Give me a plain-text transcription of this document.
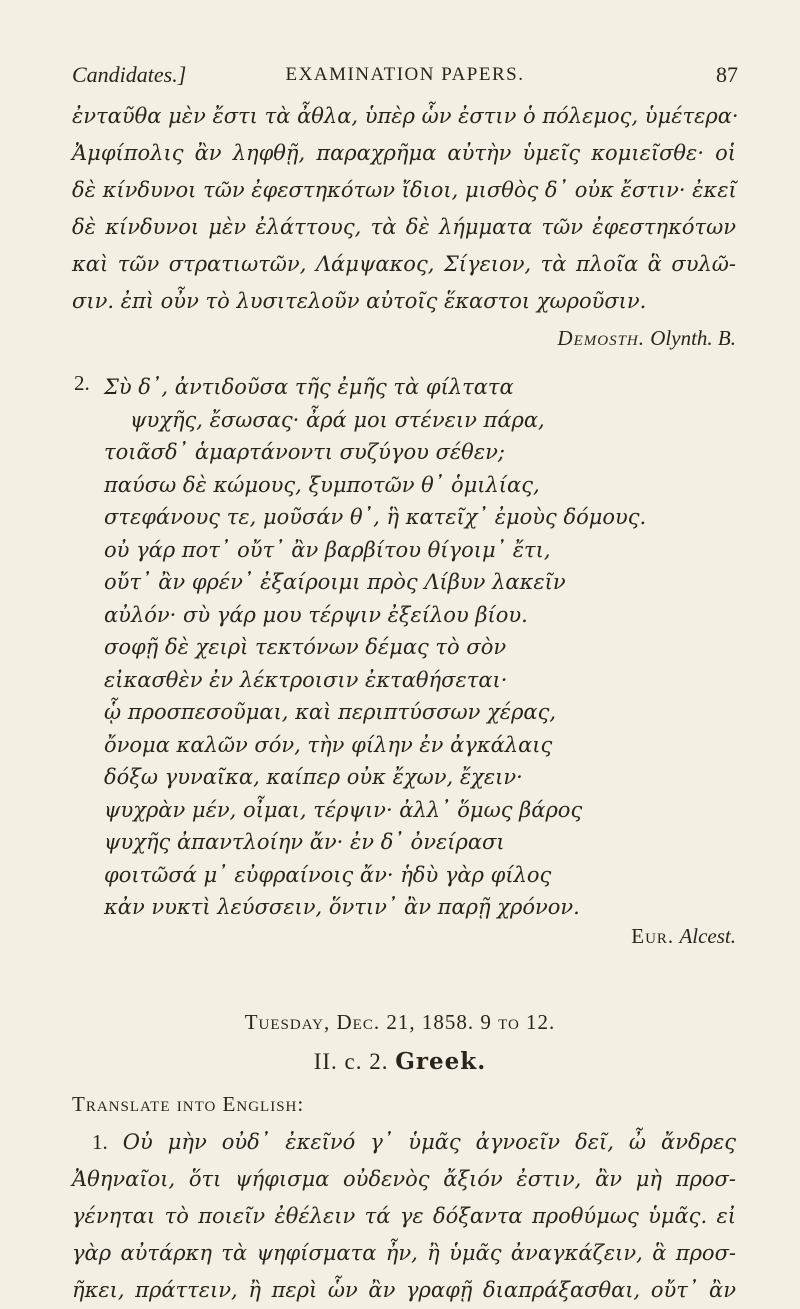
Candidates.]	EXAMINATION PAPERS.	87
ἐνταῦθα μὲν ἔστι τὰ ἆθλα, ὑπὲρ ὧν ἐστιν ὁ πόλεμος, ὑμέτερα·
Ἀμφίπολις ἂν ληφθῇ, παραχρῆμα αὐτὴν ὑμεῖς κομιεῖσθε· οἱ
δὲ κίνδυνοι τῶν ἐφεστηκότων ἴδιοι, μισθὸς δ᾽ οὐκ ἔστιν· ἐκεῖ
δὲ κίνδυνοι μὲν ἐλάττους, τὰ δὲ λήμματα τῶν ἐφεστηκότων
καὶ τῶν στρατιωτῶν, Λάμψακος, Σίγειον, τὰ πλοῖα ἃ συλῶ-
σιν. ἐπὶ οὖν τὸ λυσιτελοῦν αὐτοῖς ἕκαστοι χωροῦσιν.
Demosth. Olynth. B.
2. Σὺ δ᾽, ἀντιδοῦσα τῆς ἐμῆς τὰ φίλτατα
ψυχῆς, ἔσωσας· ἆρά μοι στένειν πάρα,
τοιᾶσδ᾽ ἁμαρτάνοντι συζύγου σέθεν;
παύσω δὲ κώμους, ξυμποτῶν θ᾽ ὁμιλίας,
στεφάνους τε, μοῦσάν θ᾽, ἣ κατεῖχ᾽ ἐμοὺς δόμους.
οὐ γάρ ποτ᾽ οὔτ᾽ ἂν βαρβίτου θίγοιμ᾽ ἔτι,
οὔτ᾽ ἂν φρέν᾽ ἐξαίροιμι πρὸς Λίβυν λακεῖν
αὐλόν· σὺ γάρ μου τέρψιν ἐξείλου βίου.
σοφῇ δὲ χειρὶ τεκτόνων δέμας τὸ σὸν
εἰκασθὲν ἐν λέκτροισιν ἐκταθήσεται·
ᾧ προσπεσοῦμαι, καὶ περιπτύσσων χέρας,
ὄνομα καλῶν σόν, τὴν φίλην ἐν ἀγκάλαις
δόξω γυναῖκα, καίπερ οὐκ ἔχων, ἔχειν·
ψυχρὰν μέν, οἶμαι, τέρψιν· ἀλλ᾽ ὅμως βάρος
ψυχῆς ἀπαντλοίην ἄν· ἐν δ᾽ ὀνείρασι
φοιτῶσά μ᾽ εὐφραίνοις ἄν· ἡδὺ γὰρ φίλος
κἀν νυκτὶ λεύσσειν, ὅντιν᾽ ἂν παρῇ χρόνον.
Eur. Alcest.
Tuesday, Dec. 21, 1858. 9 to 12.
II. c. 2. Greek.
Translate into English:
1. Οὐ μὴν οὐδ᾽ ἐκεῖνό γ᾽ ὑμᾶς ἀγνοεῖν δεῖ, ὦ ἄνδρες
Ἀθηναῖοι, ὅτι ψήφισμα οὐδενὸς ἄξιόν ἐστιν, ἂν μὴ προσ-
γένηται τὸ ποιεῖν ἐθέλειν τά γε δόξαντα προθύμως ὑμᾶς. εἰ
γὰρ αὐτάρκη τὰ ψηφίσματα ἦν, ἢ ὑμᾶς ἀναγκάζειν, ἃ προσ-
ῆκει, πράττειν, ἢ περὶ ὧν ἂν γραφῇ διαπράξασθαι, οὔτ᾽ ἂν
